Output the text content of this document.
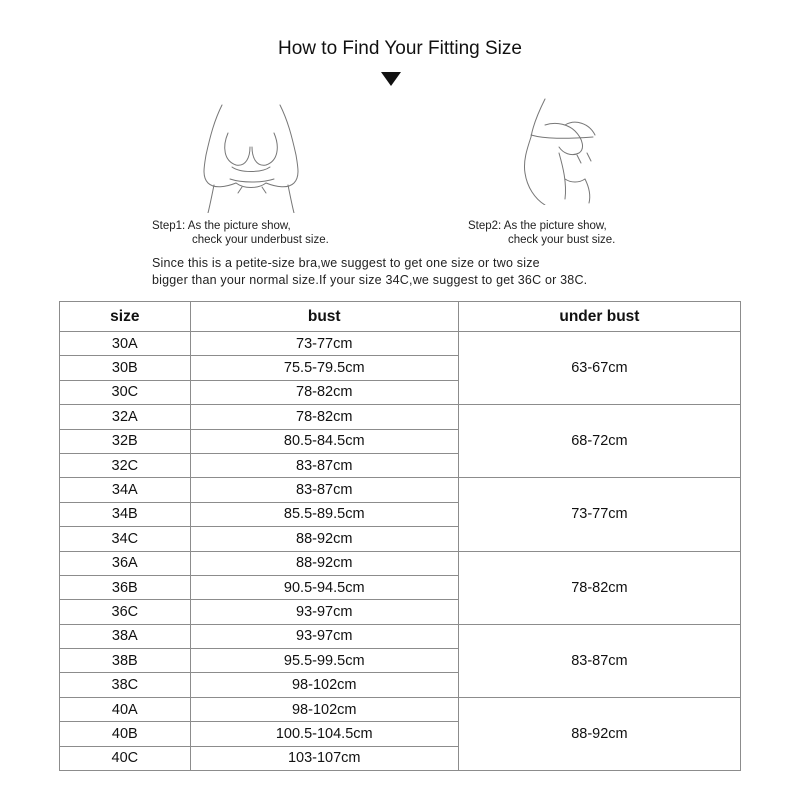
How to Find Your Fitting Size
Step1: As the picture show,
check your underbust size.
Step2: As the picture show,
check your bust size.
Since this is a petite-size bra,we suggest to get one size or two size
bigger than your normal size.If your size 34C,we suggest to get 36C or 38C.
size	bust	under bust
30A	73-77cm	63-67cm
30B	75.5-79.5cm	
30C	78-82cm	
32A	78-82cm	68-72cm
32B	80.5-84.5cm	
32C	83-87cm	
34A	83-87cm	73-77cm
34B	85.5-89.5cm	
34C	88-92cm	
36A	88-92cm	78-82cm
36B	90.5-94.5cm	
36C	93-97cm	
38A	93-97cm	83-87cm
38B	95.5-99.5cm	
38C	98-102cm	
40A	98-102cm	88-92cm
40B	100.5-104.5cm	
40C	103-107cm	
